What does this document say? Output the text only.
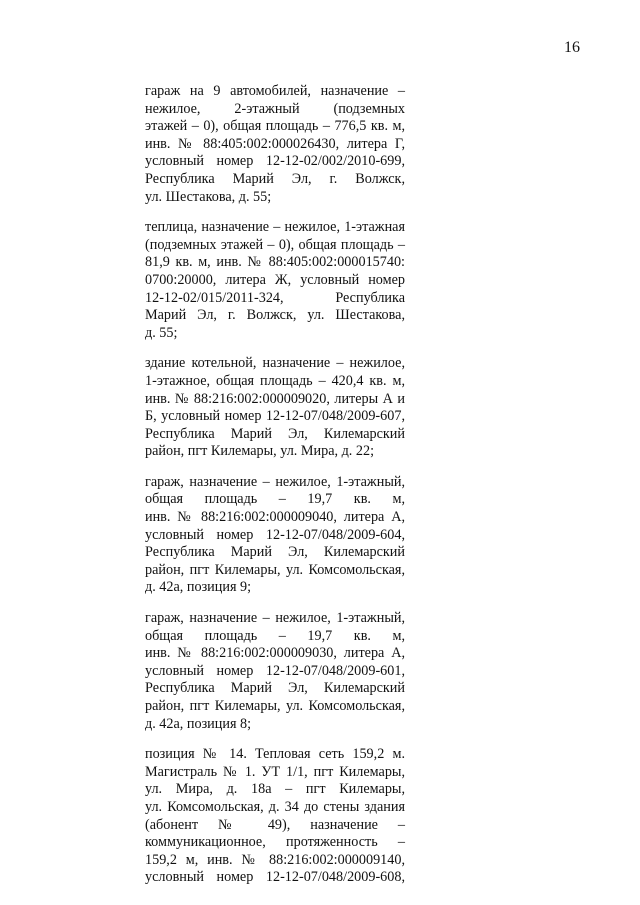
16

гараж на 9 автомобилей, назначение –
нежилое, 2-этажный (подземных
этажей – 0), общая площадь – 776,5 кв. м,
инв. № 88:405:002:000026430, литера Г,
условный номер 12-12-02/002/2010-699,
Республика Марий Эл, г. Волжск,
ул. Шестакова, д. 55;

теплица, назначение – нежилое, 1-этажная
(подземных этажей – 0), общая площадь –
81,9 кв. м, инв. № 88:405:002:000015740:
0700:20000, литера Ж, условный номер
12-12-02/015/2011-324, Республика
Марий Эл, г. Волжск, ул. Шестакова,
д. 55;

здание котельной, назначение – нежилое,
1-этажное, общая площадь – 420,4 кв. м,
инв. № 88:216:002:000009020, литеры А и
Б, условный номер 12-12-07/048/2009-607,
Республика Марий Эл, Килемарский
район, пгт Килемары, ул. Мира, д. 22;

гараж, назначение – нежилое, 1-этажный,
общая площадь – 19,7 кв. м,
инв. № 88:216:002:000009040, литера А,
условный номер 12-12-07/048/2009-604,
Республика Марий Эл, Килемарский
район, пгт Килемары, ул. Комсомольская,
д. 42а, позиция 9;

гараж, назначение – нежилое, 1-этажный,
общая площадь – 19,7 кв. м,
инв. № 88:216:002:000009030, литера А,
условный номер 12-12-07/048/2009-601,
Республика Марий Эл, Килемарский
район, пгт Килемары, ул. Комсомольская,
д. 42а, позиция 8;

позиция № 14. Тепловая сеть 159,2 м.
Магистраль № 1. УТ 1/1, пгт Килемары,
ул. Мира, д. 18а – пгт Килемары,
ул. Комсомольская, д. 34 до стены здания
(абонент № 49), назначение –
коммуникационное, протяженность –
159,2 м, инв. № 88:216:002:000009140,
условный номер 12-12-07/048/2009-608,
